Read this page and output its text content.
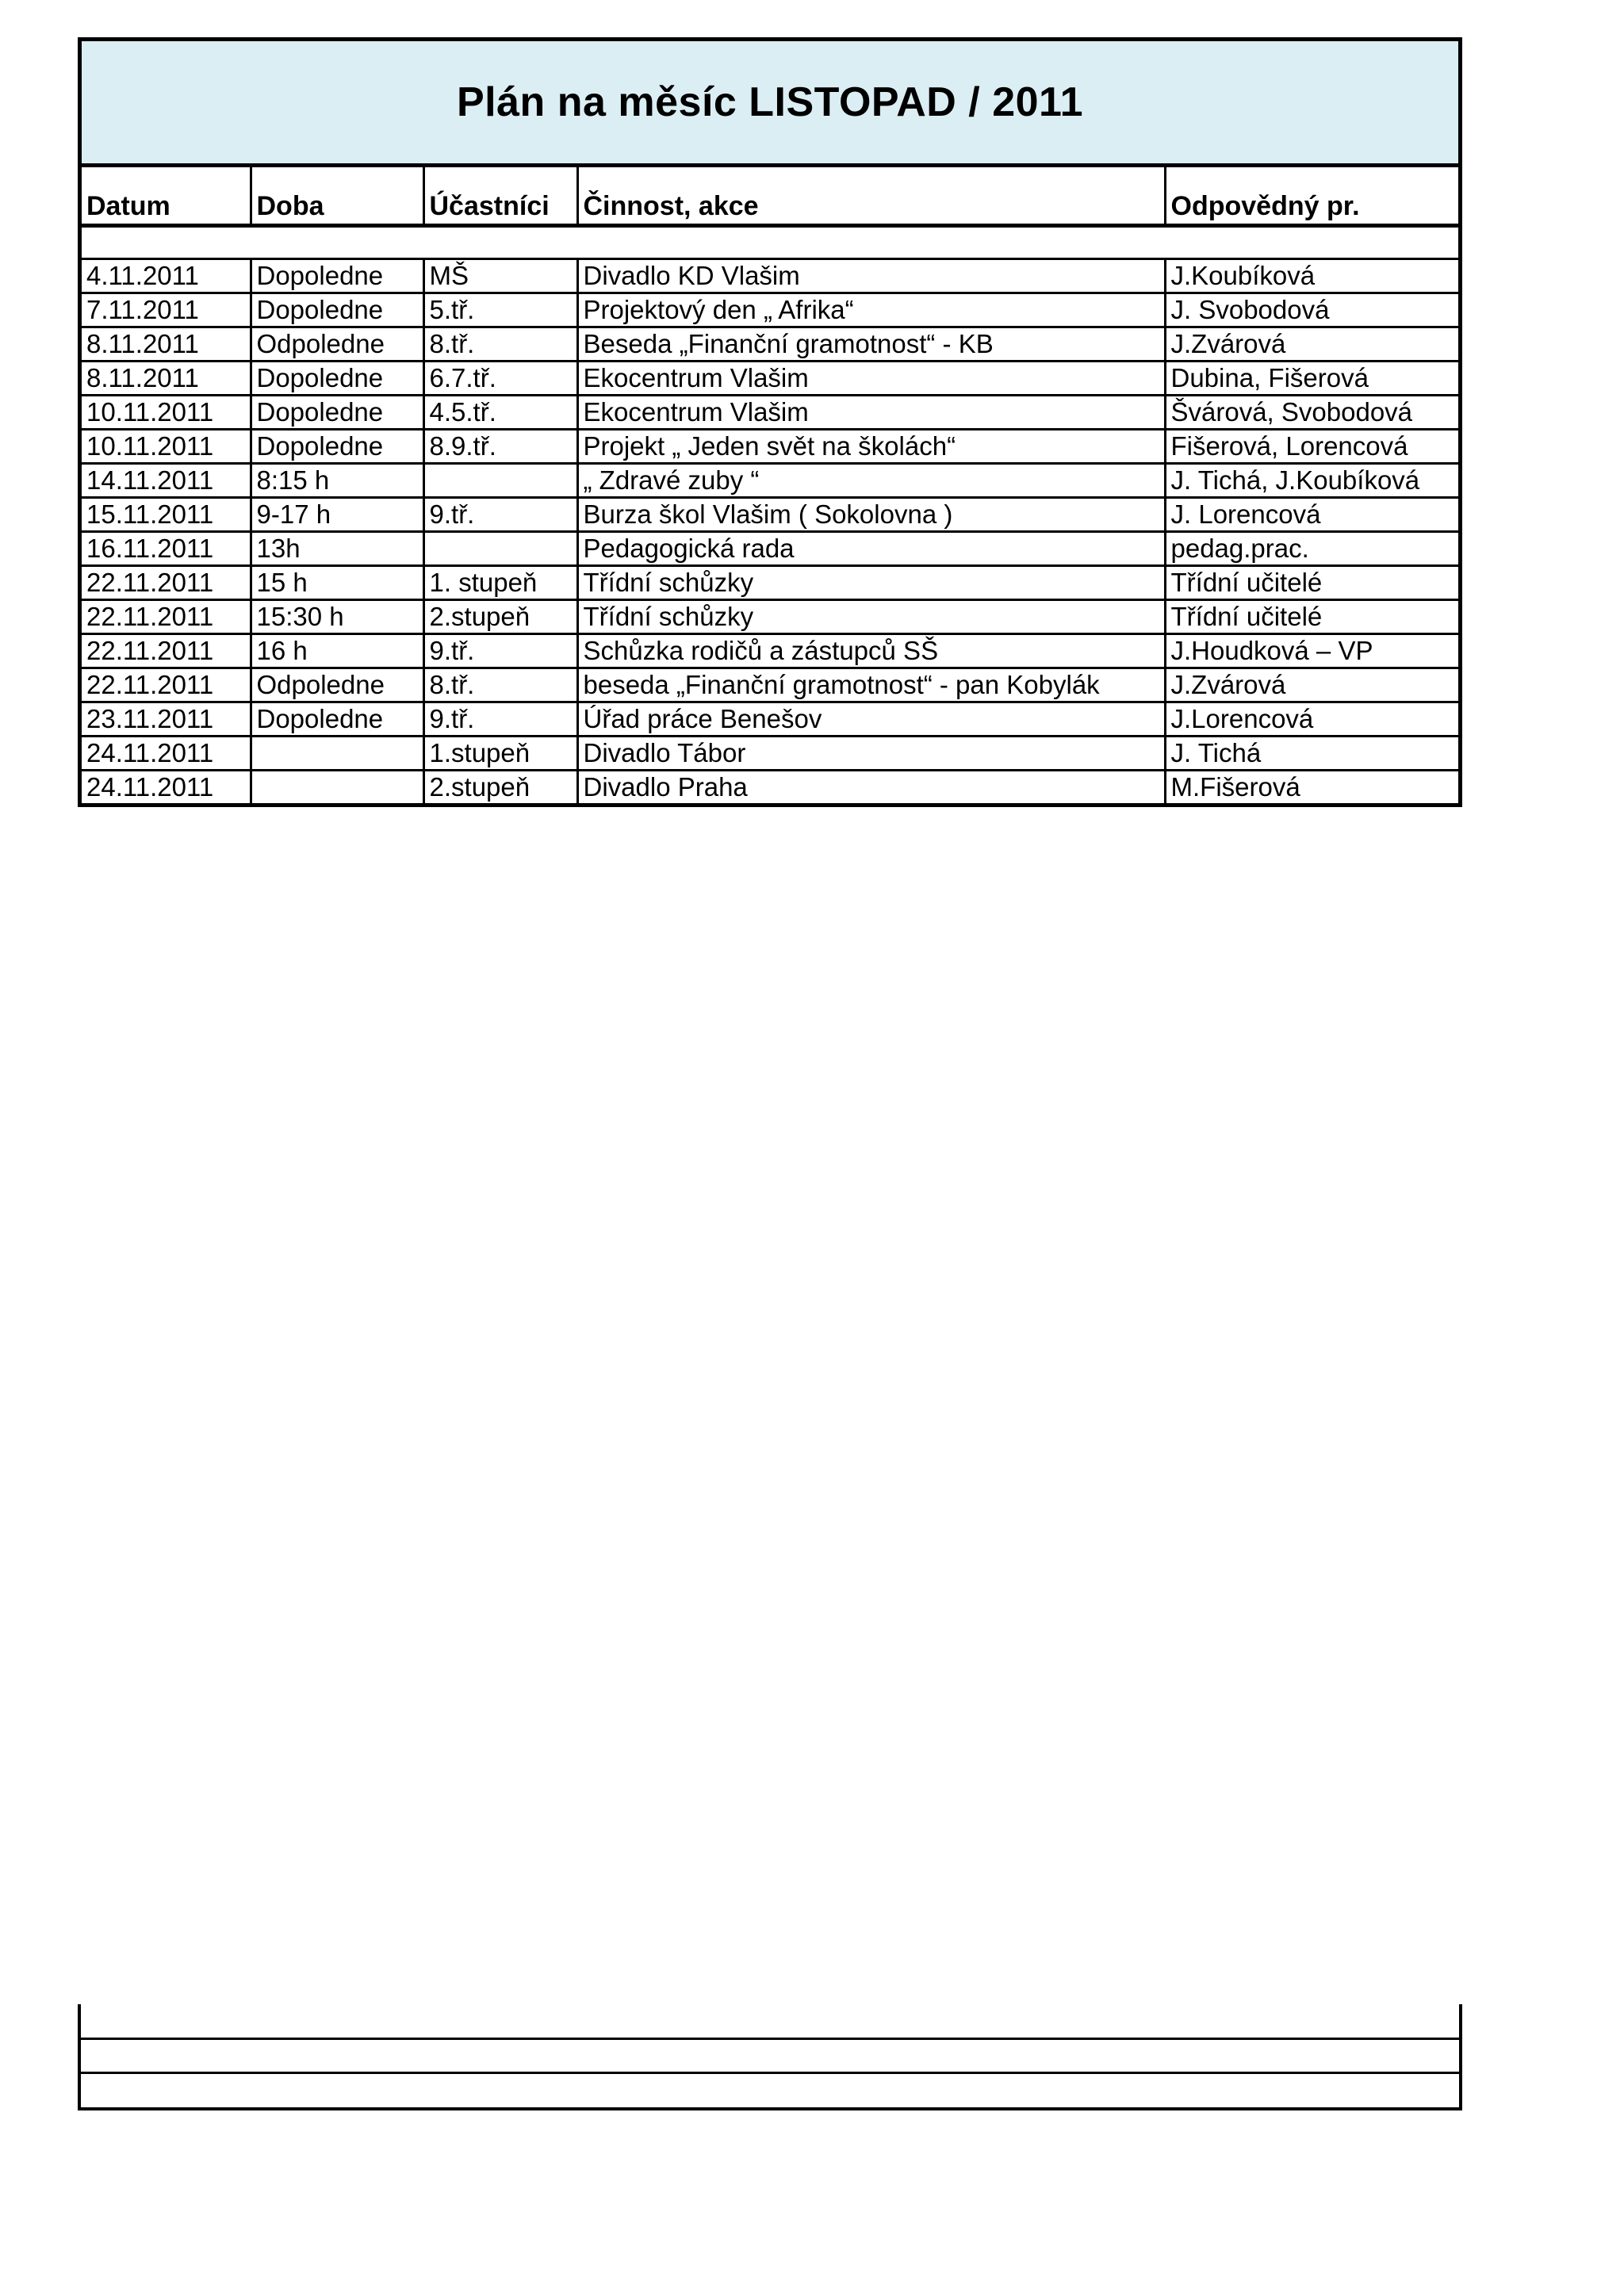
Plán na měsíc LISTOPAD / 2011
Datum	Doba	Účastníci	Činnost, akce	Odpovědný pr.

4.11.2011	Dopoledne	MŠ	Divadlo KD Vlašim	J.Koubíková
7.11.2011	Dopoledne	5.tř.	Projektový den „ Afrika“	J. Svobodová
8.11.2011	Odpoledne	8.tř.	Beseda „Finanční gramotnost“ - KB	J.Zvárová
8.11.2011	Dopoledne	6.7.tř.	Ekocentrum Vlašim	Dubina, Fišerová
10.11.2011	Dopoledne	4.5.tř.	Ekocentrum Vlašim	Švárová, Svobodová
10.11.2011	Dopoledne	8.9.tř.	Projekt „ Jeden svět na školách“	Fišerová, Lorencová
14.11.2011	8:15 h		„ Zdravé zuby “	J. Tichá, J.Koubíková
15.11.2011	9-17 h	9.tř.	Burza škol Vlašim ( Sokolovna )	J. Lorencová
16.11.2011	13h		Pedagogická rada	pedag.prac.
22.11.2011	15 h	1. stupeň	Třídní schůzky	Třídní učitelé
22.11.2011	15:30 h	2.stupeň	Třídní schůzky	Třídní učitelé
22.11.2011	16 h	9.tř.	Schůzka rodičů a zástupců SŠ	J.Houdková – VP
22.11.2011	Odpoledne	8.tř.	beseda „Finanční gramotnost“ - pan Kobylák	J.Zvárová
23.11.2011	Dopoledne	9.tř.	Úřad práce Benešov	J.Lorencová
24.11.2011		1.stupeň	Divadlo Tábor	J. Tichá
24.11.2011		2.stupeň	Divadlo Praha	M.Fišerová
